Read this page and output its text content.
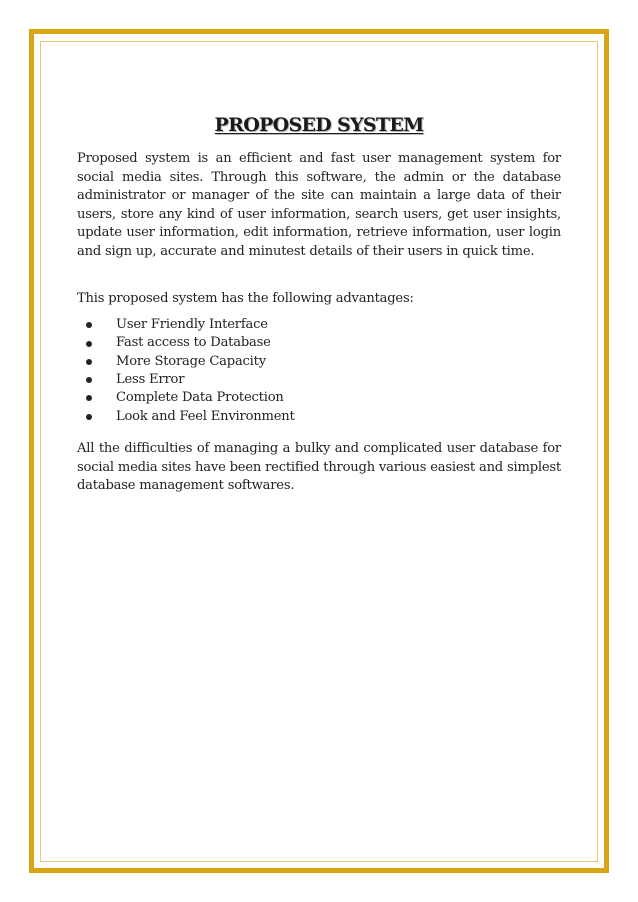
PROPOSED SYSTEM

Proposed system is an efficient and fast user management system for social media sites. Through this software, the admin or the database administrator or manager of the site can maintain a large data of their users, store any kind of user information, search users, get user insights, update user information, edit information, retrieve information, user login and sign up, accurate and minutest details of their users in quick time.

This proposed system has the following advantages:

User Friendly Interface
Fast access to Database
More Storage Capacity
Less Error
Complete Data Protection
Look and Feel Environment

All the difficulties of managing a bulky and complicated user database for social media sites have been rectified through various easiest and simplest database management softwares.
